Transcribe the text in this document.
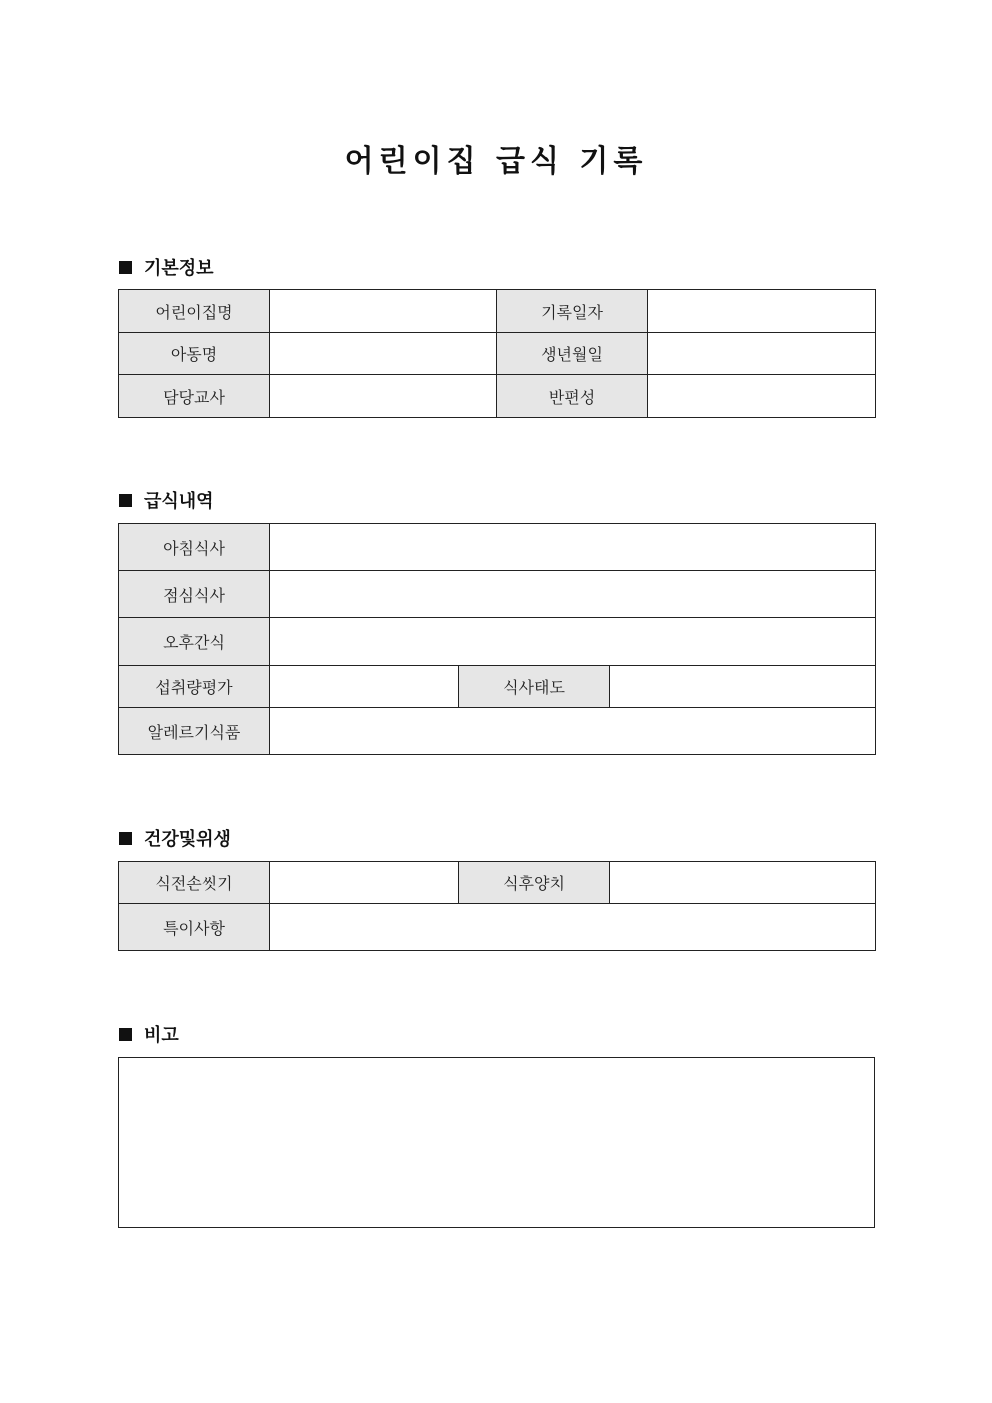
어린이집 급식 기록
기본정보
어린이집명		기록일자	
아동명		생년월일	
담당교사		반편성	
급식내역
아침식사			
점심식사			
오후간식			
섭취량평가		식사태도	
알레르기식품			
건강및위생
식전손씻기		식후양치	
특이사항			
비고
